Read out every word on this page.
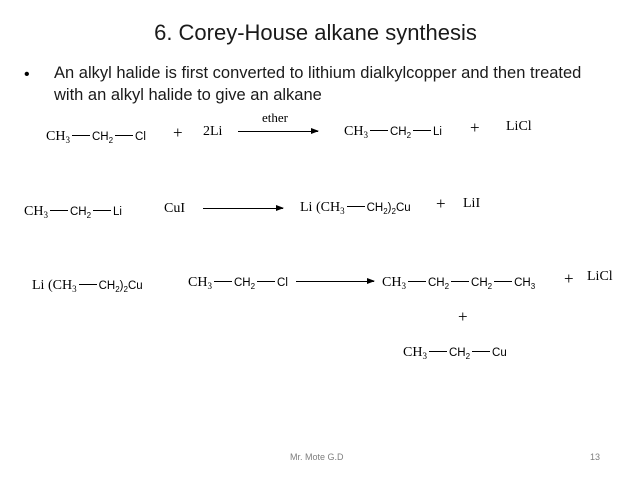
6. Corey-House alkane synthesis
• An alkyl halide is first converted to lithium dialkylcopper and then treated with an alkyl halide to give an alkane
$CH_3$ $CH_2$ Cl + 2Li
ether
$CH_3$ $CH_2$ Li + LiCl
$CH_3$ $CH_2$ Li	CuI	Li ($CH_3$ $CH_2)_2Cu$ + LiI
Li ($CH_3$ $CH_2)_2Cu$	$CH_3$ $CH_2$ Cl	$CH_3$ $CH_2$ $CH_2$ $CH_3$ + LiCl
+
$CH_3$ $CH_2$ Cu
Mr. Mote G.D	13
